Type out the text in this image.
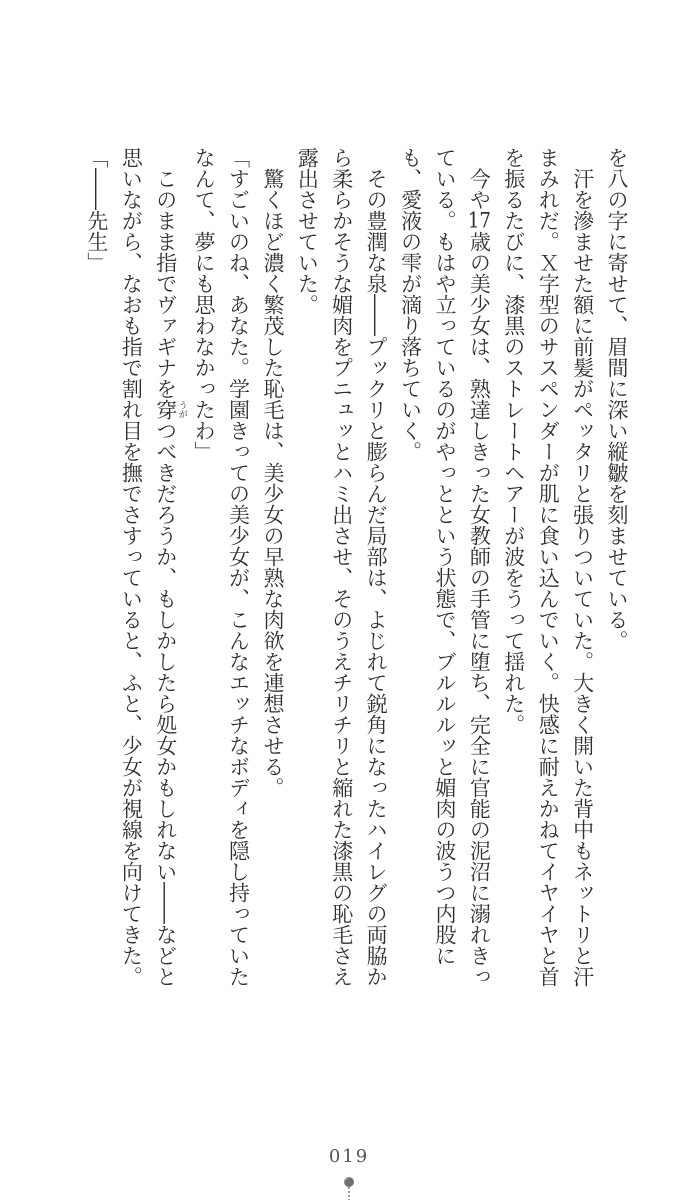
を八の字に寄せて、眉間に深い縦皺を刻ませている。

汗を滲ませた額に前髪がペッタリと張りついていた。大きく開いた背中もネットリと汗まみれだ。Ｘ字型のサスペンダーが肌に食い込んでいく。快感に耐えかねてイヤイヤと首を振るたびに、漆黒のストレートヘアーが波をうって揺れた。

今や17歳の美少女は、熟達しきった女教師の手管に堕ち、完全に官能の泥沼に溺れきっている。もはや立っているのがやっとという状態で、ブルルルッと媚肉の波うつ内股にも、愛液の雫が滴り落ちていく。

その豊潤な泉――プックリと膨らんだ局部は、よじれて鋭角になったハイレグの両脇から柔らかそうな媚肉をプニュッとハミ出させ、そのうえチリチリと縮れた漆黒の恥毛さえ露出させていた。

驚くほど濃く繁茂した恥毛は、美少女の早熟な肉欲を連想させる。

「すごいのね、あなた。学園きっての美少女が、こんなエッチなボディを隠し持っていたなんて、夢にも思わなかったわ」

このまま指でヴァギナを穿 うがつべきだろうか、もしかしたら処女かもしれない――などと思いながら、なおも指で割れ目を撫でさすっていると、ふと、少女が視線を向けてきた。

「――先生」

019
